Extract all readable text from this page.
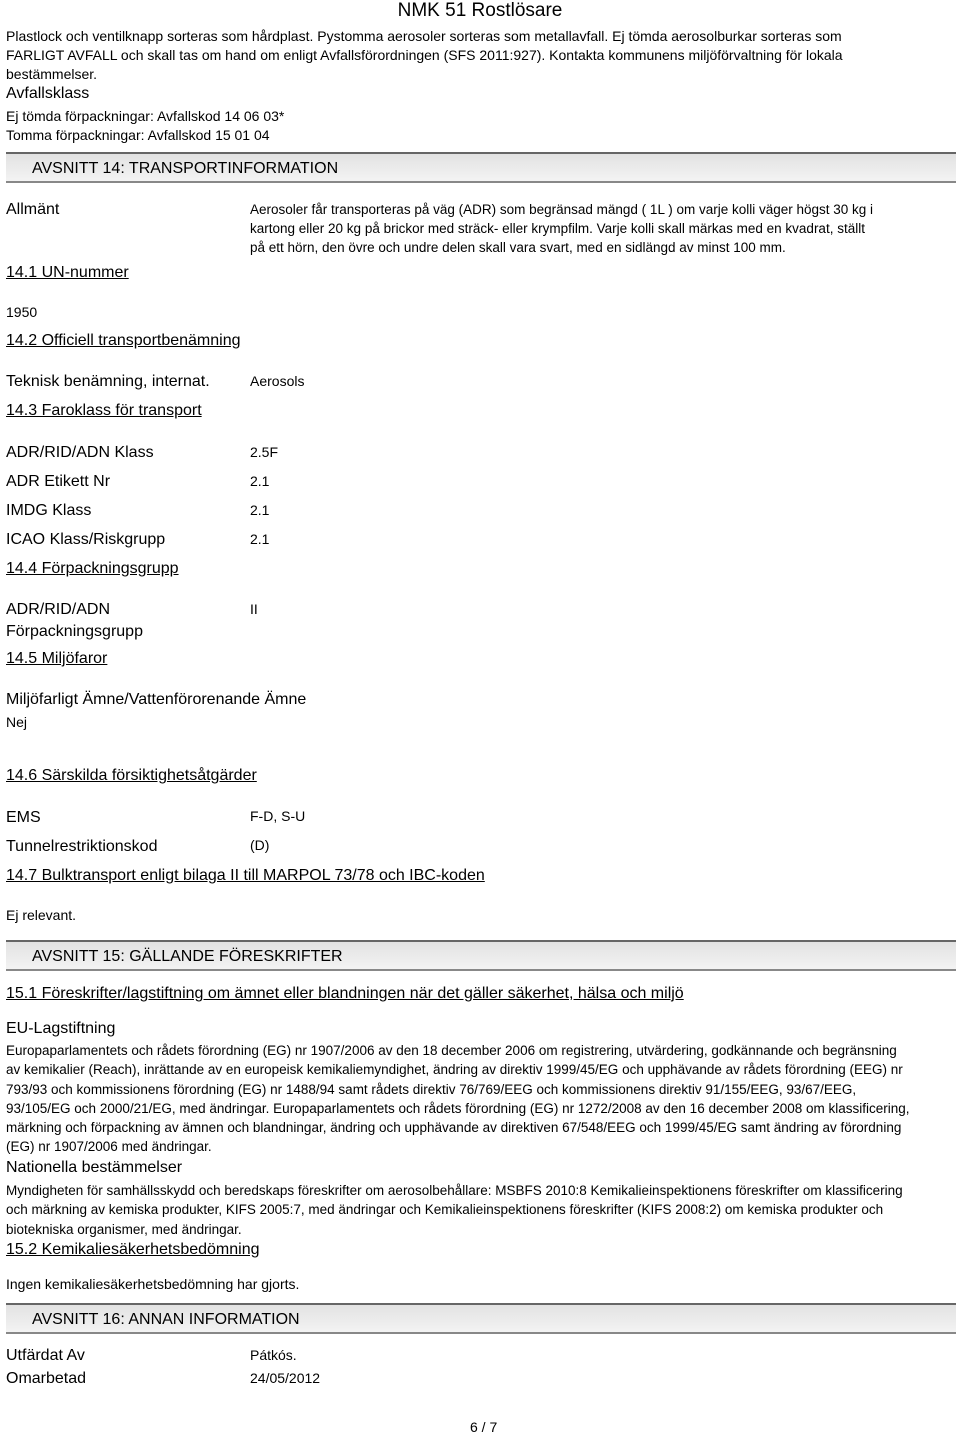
NMK 51 Rostlösare
Plastlock och ventilknapp sorteras som hårdplast. Pystomma aerosoler sorteras som metallavfall. Ej tömda aerosolburkar sorteras som
FARLIGT AVFALL och skall tas om hand om enligt Avfallsförordningen (SFS 2011:927). Kontakta kommunens miljöförvaltning för lokala
bestämmelser.
Avfallsklass
Ej tömda förpackningar: Avfallskod 14 06 03*
Tomma förpackningar: Avfallskod 15 01 04
AVSNITT 14: TRANSPORTINFORMATION
Allmänt	Aerosoler får transporteras på väg (ADR) som begränsad mängd ( 1L ) om varje kolli väger högst 30 kg i
kartong eller 20 kg på brickor med sträck- eller krympfilm. Varje kolli skall märkas med en kvadrat, ställt
på ett hörn, den övre och undre delen skall vara svart, med en sidlängd av minst 100 mm.
14.1 UN-nummer
1950
14.2 Officiell transportbenämning
Teknisk benämning, internat.	Aerosols
14.3 Faroklass för transport
ADR/RID/ADN Klass	2.5F
ADR Etikett Nr	2.1
IMDG Klass	2.1
ICAO Klass/Riskgrupp	2.1
14.4 Förpackningsgrupp
ADR/RID/ADN
Förpackningsgrupp
II
14.5 Miljöfaror
Miljöfarligt Ämne/Vattenförorenande Ämne
Nej
14.6 Särskilda försiktighetsåtgärder
EMS	F-D, S-U
Tunnelrestriktionskod	(D)
14.7 Bulktransport enligt bilaga II till MARPOL 73/78 och IBC-koden
Ej relevant.
AVSNITT 15: GÄLLANDE FÖRESKRIFTER
15.1 Föreskrifter/lagstiftning om ämnet eller blandningen när det gäller säkerhet, hälsa och miljö
EU-Lagstiftning
Europaparlamentets och rådets förordning (EG) nr 1907/2006 av den 18 december 2006 om registrering, utvärdering, godkännande och begränsning av kemikalier (Reach), inrättande av en europeisk kemikaliemyndighet, ändring av direktiv 1999/45/EG och upphävande av rådets förordning (EEG) nr 793/93 och kommissionens förordning (EG) nr 1488/94 samt rådets direktiv 76/769/EEG och kommissionens direktiv 91/155/EEG, 93/67/EEG, 93/105/EG och 2000/21/EG, med ändringar. Europaparlamentets och rådets förordning (EG) nr 1272/2008 av den 16 december 2008 om klassificering, märkning och förpackning av ämnen och blandningar, ändring och upphävande av direktiven 67/548/EEG och 1999/45/EG samt ändring av förordning (EG) nr 1907/2006 med ändringar.
Nationella bestämmelser
Myndigheten för samhällsskydd och beredskaps föreskrifter om aerosolbehållare: MSBFS 2010:8 Kemikalieinspektionens föreskrifter om klassificering och märkning av kemiska produkter, KIFS 2005:7, med ändringar och Kemikalieinspektionens föreskrifter (KIFS 2008:2) om kemiska produkter och biotekniska organismer, med ändringar.
15.2 Kemikaliesäkerhetsbedömning
Ingen kemikaliesäkerhetsbedömning har gjorts.
AVSNITT 16: ANNAN INFORMATION
Utfärdat Av	Pátkós.
Omarbetad	24/05/2012
6 / 7
